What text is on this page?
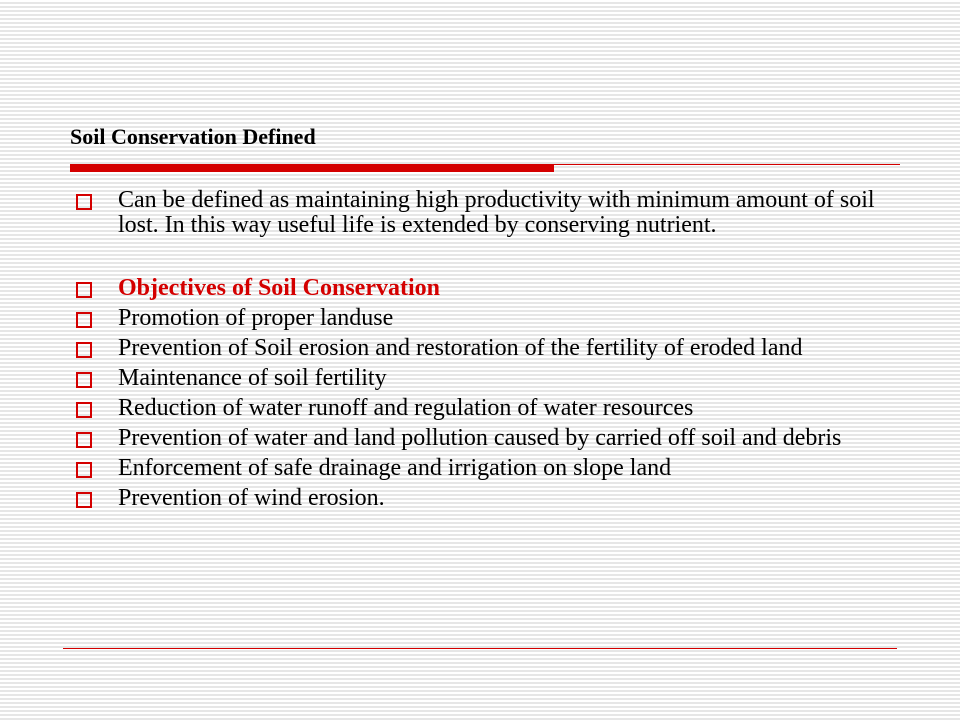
Soil Conservation Defined
Can be defined as maintaining high productivity with minimum amount of soil lost. In this way useful life is extended by conserving nutrient.
Objectives of Soil Conservation
Promotion of proper landuse
Prevention of Soil erosion and restoration of the fertility of eroded land
Maintenance of soil fertility
Reduction of water runoff and regulation of water resources
Prevention of water and land pollution caused by carried off soil and debris
Enforcement of safe drainage and irrigation on slope land
Prevention of wind erosion.
